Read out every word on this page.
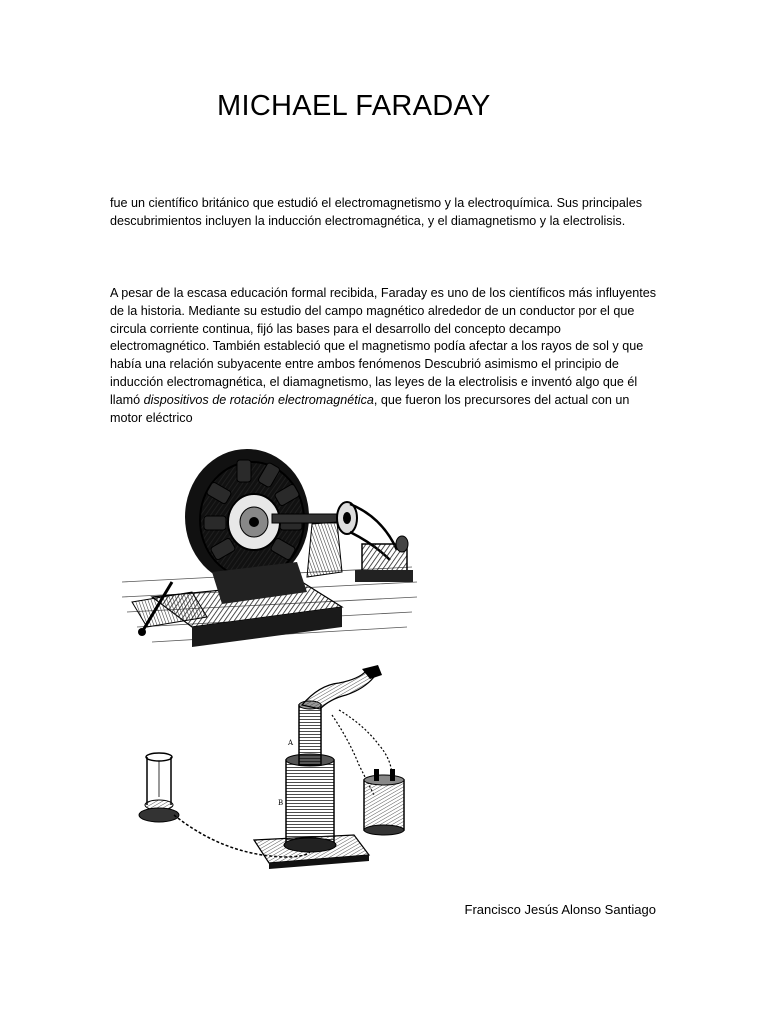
MICHAEL FARADAY

fue un científico británico que estudió el electromagnetismo y la electroquímica. Sus principales descubrimientos incluyen la inducción electromagnética, y el diamagnetismo y la electrolisis.

A pesar de la escasa educación formal recibida, Faraday es uno de los científicos más influyentes de la historia. Mediante su estudio del campo magnético alrededor de un conductor por el que circula corriente continua, fijó las bases para el desarrollo del concepto decampo electromagnético. También estableció que el magnetismo podía afectar a los rayos de sol y que había una relación subyacente entre ambos fenómenos Descubrió asimismo el principio de inducción electromagnética, el diamagnetismo, las leyes de la electrolisis e inventó algo que él llamó dispositivos de rotación electromagnética, que fueron los precursores del actual con un motor eléctrico

A
B

Francisco Jesús Alonso Santiago
